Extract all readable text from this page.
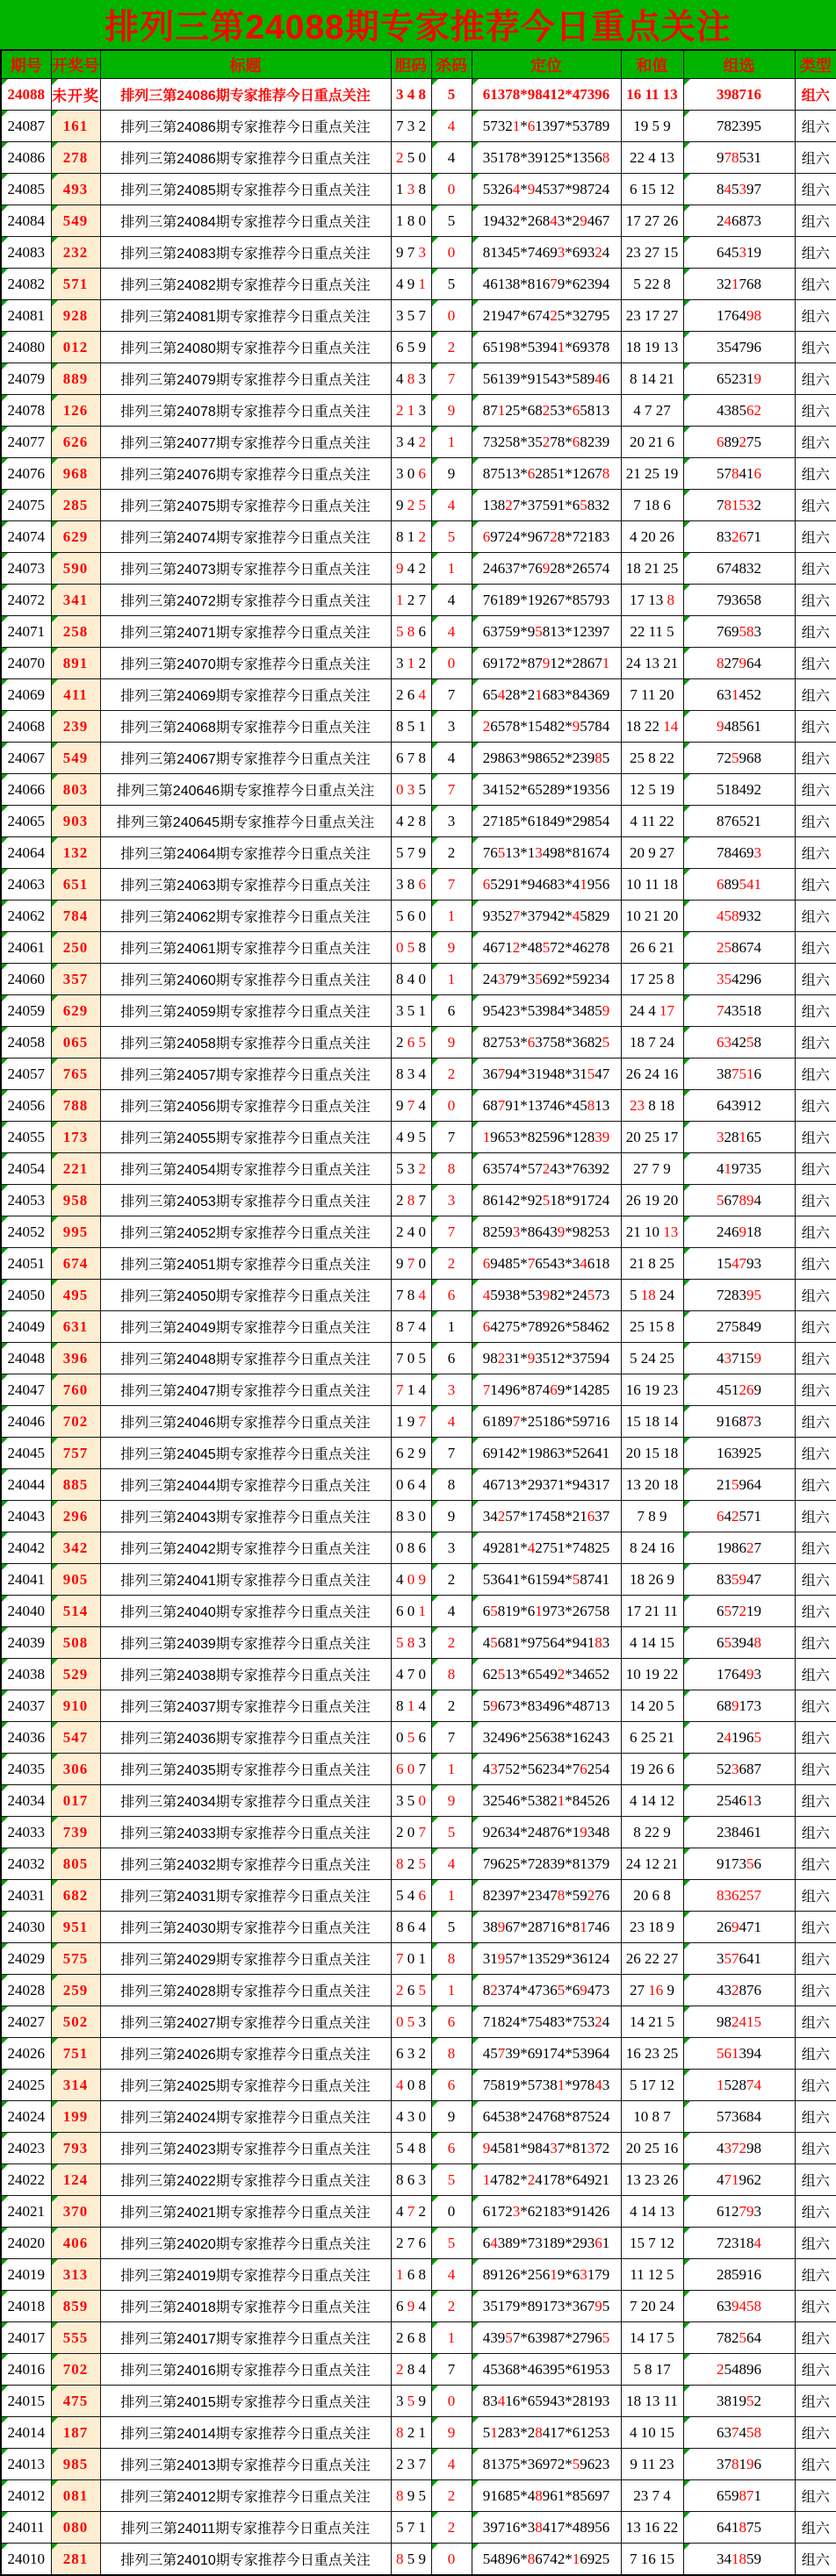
排列三第24088期专家推荐今日重点关注
期号	开奖号	标题	胆码	杀码	定位	和值	组选	类型
24088	未开奖	排列三第24086期专家推荐今日重点关注	3 4 8	5	61378*98412*47396	16 11 13	398716	组六
24087	161	排列三第24086期专家推荐今日重点关注	7 3 2	4	57321*61397*53789	19 5 9	782395	组六
24086	278	排列三第24086期专家推荐今日重点关注	2 5 0	4	35178*39125*13568	22 4 13	978531	组六
24085	493	排列三第24085期专家推荐今日重点关注	1 3 8	0	53264*94537*98724	6 15 12	845397	组六
24084	549	排列三第24084期专家推荐今日重点关注	1 8 0	5	19432*26843*29467	17 27 26	246873	组六
24083	232	排列三第24083期专家推荐今日重点关注	9 7 3	0	81345*74693*69324	23 27 15	645319	组六
24082	571	排列三第24082期专家推荐今日重点关注	4 9 1	5	46138*81679*62394	5 22 8	321768	组六
24081	928	排列三第24081期专家推荐今日重点关注	3 5 7	0	21947*67425*32795	23 17 27	176498	组六
24080	012	排列三第24080期专家推荐今日重点关注	6 5 9	2	65198*53941*69378	18 19 13	354796	组六
24079	889	排列三第24079期专家推荐今日重点关注	4 8 3	7	56139*91543*58946	8 14 21	652319	组六
24078	126	排列三第24078期专家推荐今日重点关注	2 1 3	9	87125*68253*65813	4 7 27	438562	组六
24077	626	排列三第24077期专家推荐今日重点关注	3 4 2	1	73258*35278*68239	20 21 6	689275	组六
24076	968	排列三第24076期专家推荐今日重点关注	3 0 6	9	87513*62851*12678	21 25 19	578416	组六
24075	285	排列三第24075期专家推荐今日重点关注	9 2 5	4	13827*37591*65832	7 18 6	781532	组六
24074	629	排列三第24074期专家推荐今日重点关注	8 1 2	5	69724*96728*72183	4 20 26	832671	组六
24073	590	排列三第24073期专家推荐今日重点关注	9 4 2	1	24637*76928*26574	18 21 25	674832	组六
24072	341	排列三第24072期专家推荐今日重点关注	1 2 7	4	76189*19267*85793	17 13 8	793658	组六
24071	258	排列三第24071期专家推荐今日重点关注	5 8 6	4	63759*95813*12397	22 11 5	769583	组六
24070	891	排列三第24070期专家推荐今日重点关注	3 1 2	0	69172*87912*28671	24 13 21	827964	组六
24069	411	排列三第24069期专家推荐今日重点关注	2 6 4	7	65428*21683*84369	7 11 20	631452	组六
24068	239	排列三第24068期专家推荐今日重点关注	8 5 1	3	26578*15482*95784	18 22 14	948561	组六
24067	549	排列三第24067期专家推荐今日重点关注	6 7 8	4	29863*98652*23985	25 8 22	725968	组六
24066	803	排列三第240646期专家推荐今日重点关注	0 3 5	7	34152*65289*19356	12 5 19	518492	组六
24065	903	排列三第240645期专家推荐今日重点关注	4 2 8	3	27185*61849*29854	4 11 22	876521	组六
24064	132	排列三第24064期专家推荐今日重点关注	5 7 9	2	76513*13498*81674	20 9 27	784693	组六
24063	651	排列三第24063期专家推荐今日重点关注	3 8 6	7	65291*94683*41956	10 11 18	689541	组六
24062	784	排列三第24062期专家推荐今日重点关注	5 6 0	1	93527*37942*45829	10 21 20	458932	组六
24061	250	排列三第24061期专家推荐今日重点关注	0 5 8	9	46712*48572*46278	26 6 21	258674	组六
24060	357	排列三第24060期专家推荐今日重点关注	8 4 0	1	24379*35692*59234	17 25 8	354296	组六
24059	629	排列三第24059期专家推荐今日重点关注	3 5 1	6	95423*53984*34859	24 4 17	743518	组六
24058	065	排列三第24058期专家推荐今日重点关注	2 6 5	9	82753*63758*36825	18 7 24	634258	组六
24057	765	排列三第24057期专家推荐今日重点关注	8 3 4	2	36794*31948*31547	26 24 16	387516	组六
24056	788	排列三第24056期专家推荐今日重点关注	9 7 4	0	68791*13746*45813	23 8 18	643912	组六
24055	173	排列三第24055期专家推荐今日重点关注	4 9 5	7	19653*82596*12839	20 25 17	328165	组六
24054	221	排列三第24054期专家推荐今日重点关注	5 3 2	8	63574*57243*76392	27 7 9	419735	组六
24053	958	排列三第24053期专家推荐今日重点关注	2 8 7	3	86142*92518*91724	26 19 20	567894	组六
24052	995	排列三第24052期专家推荐今日重点关注	2 4 0	7	82593*86439*98253	21 10 13	246918	组六
24051	674	排列三第24051期专家推荐今日重点关注	9 7 0	2	69485*76543*34618	21 8 25	154793	组六
24050	495	排列三第24050期专家推荐今日重点关注	7 8 4	6	45938*53982*24573	5 18 24	728395	组六
24049	631	排列三第24049期专家推荐今日重点关注	8 7 4	1	64275*78926*58462	25 15 8	275849	组六
24048	396	排列三第24048期专家推荐今日重点关注	7 0 5	6	98231*93512*37594	5 24 25	437159	组六
24047	760	排列三第24047期专家推荐今日重点关注	7 1 4	3	71496*87469*14285	16 19 23	451269	组六
24046	702	排列三第24046期专家推荐今日重点关注	1 9 7	4	61897*25186*59716	15 18 14	916873	组六
24045	757	排列三第24045期专家推荐今日重点关注	6 2 9	7	69142*19863*52641	20 15 18	163925	组六
24044	885	排列三第24044期专家推荐今日重点关注	0 6 4	8	46713*29371*94317	13 20 18	215964	组六
24043	296	排列三第24043期专家推荐今日重点关注	8 3 0	9	34257*17458*21637	7 8 9	642571	组六
24042	342	排列三第24042期专家推荐今日重点关注	0 8 6	3	49281*42751*74825	8 24 16	198627	组六
24041	905	排列三第24041期专家推荐今日重点关注	4 0 9	2	53641*61594*58741	18 26 9	835947	组六
24040	514	排列三第24040期专家推荐今日重点关注	6 0 1	4	65819*61973*26758	17 21 11	657219	组六
24039	508	排列三第24039期专家推荐今日重点关注	5 8 3	2	45681*97564*94183	4 14 15	653948	组六
24038	529	排列三第24038期专家推荐今日重点关注	4 7 0	8	62513*65492*34652	10 19 22	176493	组六
24037	910	排列三第24037期专家推荐今日重点关注	8 1 4	2	59673*83496*48713	14 20 5	689173	组六
24036	547	排列三第24036期专家推荐今日重点关注	0 5 6	7	32496*25638*16243	6 25 21	241965	组六
24035	306	排列三第24035期专家推荐今日重点关注	6 0 7	1	43752*56234*76254	19 26 6	523687	组六
24034	017	排列三第24034期专家推荐今日重点关注	3 5 0	9	32546*53821*84526	4 14 12	254613	组六
24033	739	排列三第24033期专家推荐今日重点关注	2 0 7	5	92634*24876*19348	8 22 9	238461	组六
24032	805	排列三第24032期专家推荐今日重点关注	8 2 5	4	79625*72839*81379	24 12 21	917356	组六
24031	682	排列三第24031期专家推荐今日重点关注	5 4 6	1	82397*23478*59276	20 6 8	836257	组六
24030	951	排列三第24030期专家推荐今日重点关注	8 6 4	5	38967*28716*81746	23 18 9	269471	组六
24029	575	排列三第24029期专家推荐今日重点关注	7 0 1	8	31957*13529*36124	26 22 27	357641	组六
24028	259	排列三第24028期专家推荐今日重点关注	2 6 5	1	82374*47365*69473	27 16 9	432876	组六
24027	502	排列三第24027期专家推荐今日重点关注	0 5 3	6	71824*75483*75324	14 21 5	982415	组六
24026	751	排列三第24026期专家推荐今日重点关注	6 3 2	8	45739*69174*53964	16 23 25	561394	组六
24025	314	排列三第24025期专家推荐今日重点关注	4 0 8	6	75819*57381*97843	5 17 12	152874	组六
24024	199	排列三第24024期专家推荐今日重点关注	4 3 0	9	64538*24768*87524	10 8 7	573684	组六
24023	793	排列三第24023期专家推荐今日重点关注	5 4 8	6	94581*98437*81372	20 25 16	437298	组六
24022	124	排列三第24022期专家推荐今日重点关注	8 6 3	5	14782*24178*64921	13 23 26	471962	组六
24021	370	排列三第24021期专家推荐今日重点关注	4 7 2	0	61723*62183*91426	4 14 13	612793	组六
24020	406	排列三第24020期专家推荐今日重点关注	2 7 6	5	64389*73189*29361	15 7 12	723184	组六
24019	313	排列三第24019期专家推荐今日重点关注	1 6 8	4	89126*25619*63179	11 12 5	285916	组六
24018	859	排列三第24018期专家推荐今日重点关注	6 9 4	2	35179*89173*36795	7 20 24	639458	组六
24017	555	排列三第24017期专家推荐今日重点关注	2 6 8	1	43957*63987*27965	14 17 5	782564	组六
24016	702	排列三第24016期专家推荐今日重点关注	2 8 4	7	45368*46395*61953	5 8 17	254896	组六
24015	475	排列三第24015期专家推荐今日重点关注	3 5 9	0	83416*65943*28193	18 13 11	381952	组六
24014	187	排列三第24014期专家推荐今日重点关注	8 2 1	9	51283*28417*61253	4 10 15	637458	组六
24013	985	排列三第24013期专家推荐今日重点关注	2 3 7	4	81375*36972*59623	9 11 23	378196	组六
24012	081	排列三第24012期专家推荐今日重点关注	8 9 5	2	91685*48961*85697	23 7 4	659871	组六
24011	080	排列三第24011期专家推荐今日重点关注	5 7 1	2	39716*38417*48956	13 16 22	641875	组六
24010	281	排列三第24010期专家推荐今日重点关注	8 5 9	0	54896*86742*16925	7 16 15	341859	组六
